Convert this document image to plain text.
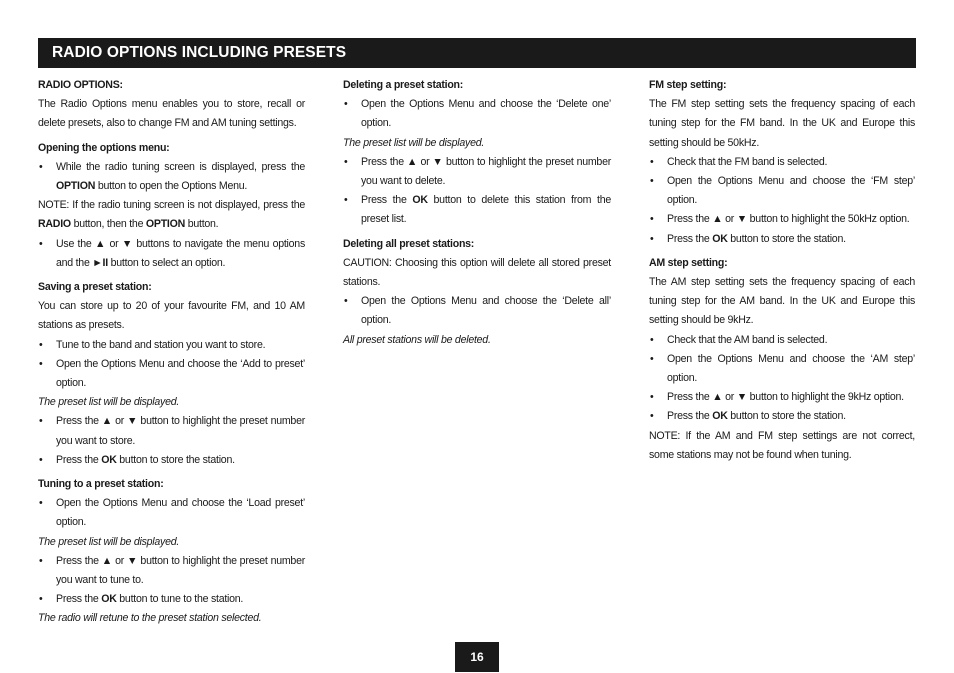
RADIO OPTIONS INCLUDING PRESETS
RADIO OPTIONS:
The Radio Options menu enables you to store, recall or delete presets, also to change FM and AM tuning settings.
Opening the options menu:
• While the radio tuning screen is displayed, press the OPTION button to open the Options Menu.
NOTE: If the radio tuning screen is not displayed, press the RADIO button, then the OPTION button.
• Use the ▲ or ▼ buttons to navigate the menu options and the ►II button to select an option.
Saving a preset station:
You can store up to 20 of your favourite FM, and 10 AM stations as presets.
• Tune to the band and station you want to store.
• Open the Options Menu and choose the ‘Add to preset’ option.
The preset list will be displayed.
• Press the ▲ or ▼ button to highlight the preset number you want to store.
• Press the OK button to store the station.
Tuning to a preset station:
• Open the Options Menu and choose the ‘Load preset’ option.
The preset list will be displayed.
• Press the ▲ or ▼ button to highlight the preset number you want to tune to.
• Press the OK button to tune to the station.
The radio will retune to the preset station selected.
Deleting a preset station:
• Open the Options Menu and choose the ‘Delete one’ option.
The preset list will be displayed.
• Press the ▲ or ▼ button to highlight the preset number you want to delete.
• Press the OK button to delete this station from the preset list.
Deleting all preset stations:
CAUTION: Choosing this option will delete all stored preset stations.
• Open the Options Menu and choose the ‘Delete all’ option.
All preset stations will be deleted.
FM step setting:
The FM step setting sets the frequency spacing of each tuning step for the FM band. In the UK and Europe this setting should be 50kHz.
• Check that the FM band is selected.
• Open the Options Menu and choose the ‘FM step’ option.
• Press the ▲ or ▼ button to highlight the 50kHz option.
• Press the OK button to store the station.
AM step setting:
The AM step setting sets the frequency spacing of each tuning step for the AM band. In the UK and Europe this setting should be 9kHz.
• Check that the AM band is selected.
• Open the Options Menu and choose the ‘AM step’ option.
• Press the ▲ or ▼ button to highlight the 9kHz option.
• Press the OK button to store the station.
NOTE: If the AM and FM step settings are not correct, some stations may not be found when tuning.
16
